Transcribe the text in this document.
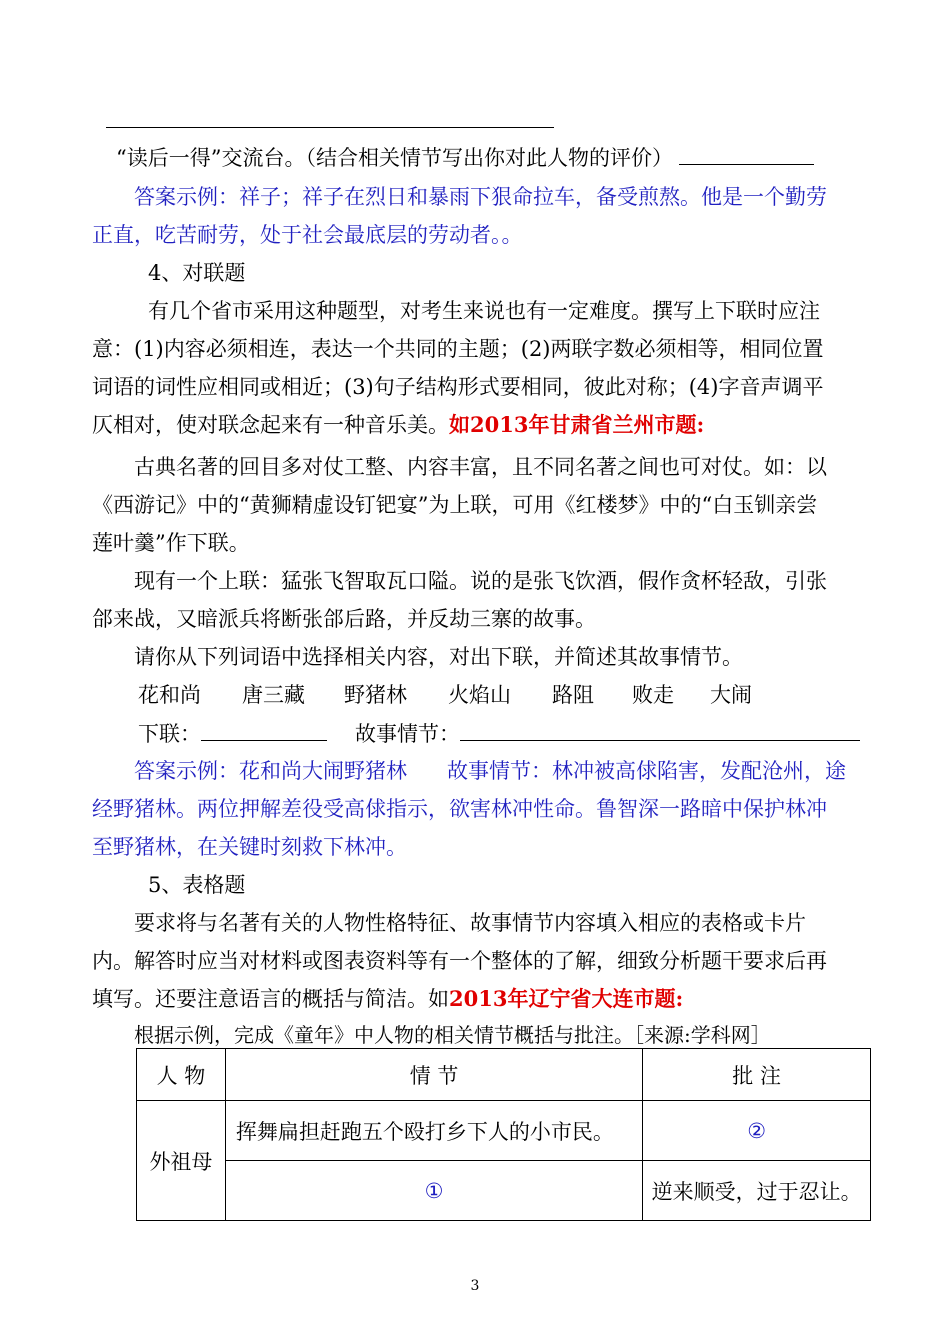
“读后一得”交流台。（结合相关情节写出你对此人物的评价）
答案示例：祥子；祥子在烈日和暴雨下狠命拉车，备受煎熬。他是一个勤劳
正直，吃苦耐劳，处于社会最底层的劳动者。。
4、对联题
有几个省市采用这种题型，对考生来说也有一定难度。撰写上下联时应注
意：(1)内容必须相连，表达一个共同的主题；(2)两联字数必须相等，相同位置
词语的词性应相同或相近；(3)句子结构形式要相同，彼此对称；(4)字音声调平
仄相对，使对联念起来有一种音乐美。如2013年甘肃省兰州市题:
古典名著的回目多对仗工整、内容丰富，且不同名著之间也可对仗。如：以
《西游记》中的“黄狮精虚设钉钯宴”为上联，可用《红楼梦》中的“白玉钏亲尝
莲叶羹”作下联。
现有一个上联：猛张飞智取瓦口隘。说的是张飞饮酒，假作贪杯轻敌，引张
郃来战，又暗派兵将断张郃后路，并反劫三寨的故事。
请你从下列词语中选择相关内容，对出下联，并简述其故事情节。
花和尚 唐三藏 野猪林 火焰山 路阻 败走 大闹
下联：	故事情节：
答案示例：花和尚大闹野猪林 故事情节：林冲被高俅陷害，发配沧州，途
经野猪林。两位押解差役受高俅指示，欲害林冲性命。鲁智深一路暗中保护林冲
至野猪林，在关键时刻救下林冲。
5、表格题
要求将与名著有关的人物性格特征、故事情节内容填入相应的表格或卡片
内。解答时应当对材料或图表资料等有一个整体的了解，细致分析题干要求后再
填写。还要注意语言的概括与简洁。如2013年辽宁省大连市题:
根据示例，完成《童年》中人物的相关情节概括与批注。［来源:学科网］
人 物	情 节	批 注
外祖母	挥舞扁担赶跑五个殴打乡下人的小市民。	②
	①	逆来顺受，过于忍让。
3
